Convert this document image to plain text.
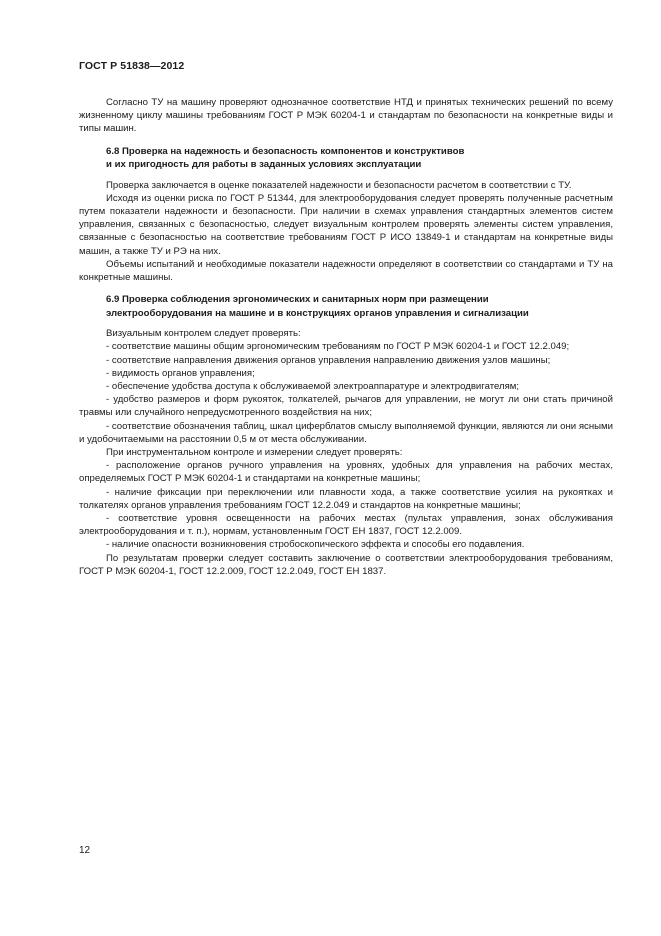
ГОСТ Р 51838—2012

Согласно ТУ на машину проверяют однозначное соответствие НТД и принятых технических решений по всему жизненному циклу машины требованиям ГОСТ Р МЭК 60204-1 и стандартам по безопасности на конкретные виды и типы машин.

6.8 Проверка на надежность и безопасность компонентов и конструктивов
и их пригодность для работы в заданных условиях эксплуатации

Проверка заключается в оценке показателей надежности и безопасности расчетом в соответствии с ТУ.

Исходя из оценки риска по ГОСТ Р 51344, для электрооборудования следует проверять полученные расчетным путем показатели надежности и безопасности. При наличии в схемах управления стандартных элементов систем управления, связанных с безопасностью, следует визуальным контролем проверять элементы систем управления, связанные с безопасностью на соответствие требованиям ГОСТ Р ИСО 13849-1 и стандартам на конкретные виды машин, а также ТУ и РЭ на них.

Объемы испытаний и необходимые показатели надежности определяют в соответствии со стандартами и ТУ на конкретные машины.

6.9 Проверка соблюдения эргономических и санитарных норм при размещении
электрооборудования на машине и в конструкциях органов управления и сигнализации

Визуальным контролем следует проверять:

- соответствие машины общим эргономическим требованиям по ГОСТ Р МЭК 60204-1 и ГОСТ 12.2.049;

- соответствие направления движения органов управления направлению движения узлов машины;

- видимость органов управления;

- обеспечение удобства доступа к обслуживаемой электроаппаратуре и электродвигателям;

- удобство размеров и форм рукояток, толкателей, рычагов для управлении, не могут ли они стать причиной травмы или случайного непредусмотренного воздействия на них;

- соответствие обозначения таблиц, шкал циферблатов смыслу выполняемой функции, являются ли они ясными и удобочитаемыми на расстоянии 0,5 м от места обслуживании.

При инструментальном контроле и измерении следует проверять:

- расположение органов ручного управления на уровнях, удобных для управления на рабочих местах, определяемых ГОСТ Р МЭК 60204-1 и стандартами на конкретные машины;

- наличие фиксации при переключении или плавности хода, а также соответствие усилия на рукоятках и толкателях органов управления требованиям ГОСТ 12.2.049 и стандартов на конкретные машины;

- соответствие уровня освещенности на рабочих местах (пультах управления, зонах обслуживания электрооборудования и т. п.), нормам, установленным ГОСТ ЕН 1837, ГОСТ 12.2.009.

- наличие опасности возникновения стробоскопического эффекта и способы его подавления.

По результатам проверки следует составить заключение о соответствии электрооборудования требованиям, ГОСТ Р МЭК 60204-1, ГОСТ 12.2.009, ГОСТ 12.2.049, ГОСТ ЕН 1837.

12
